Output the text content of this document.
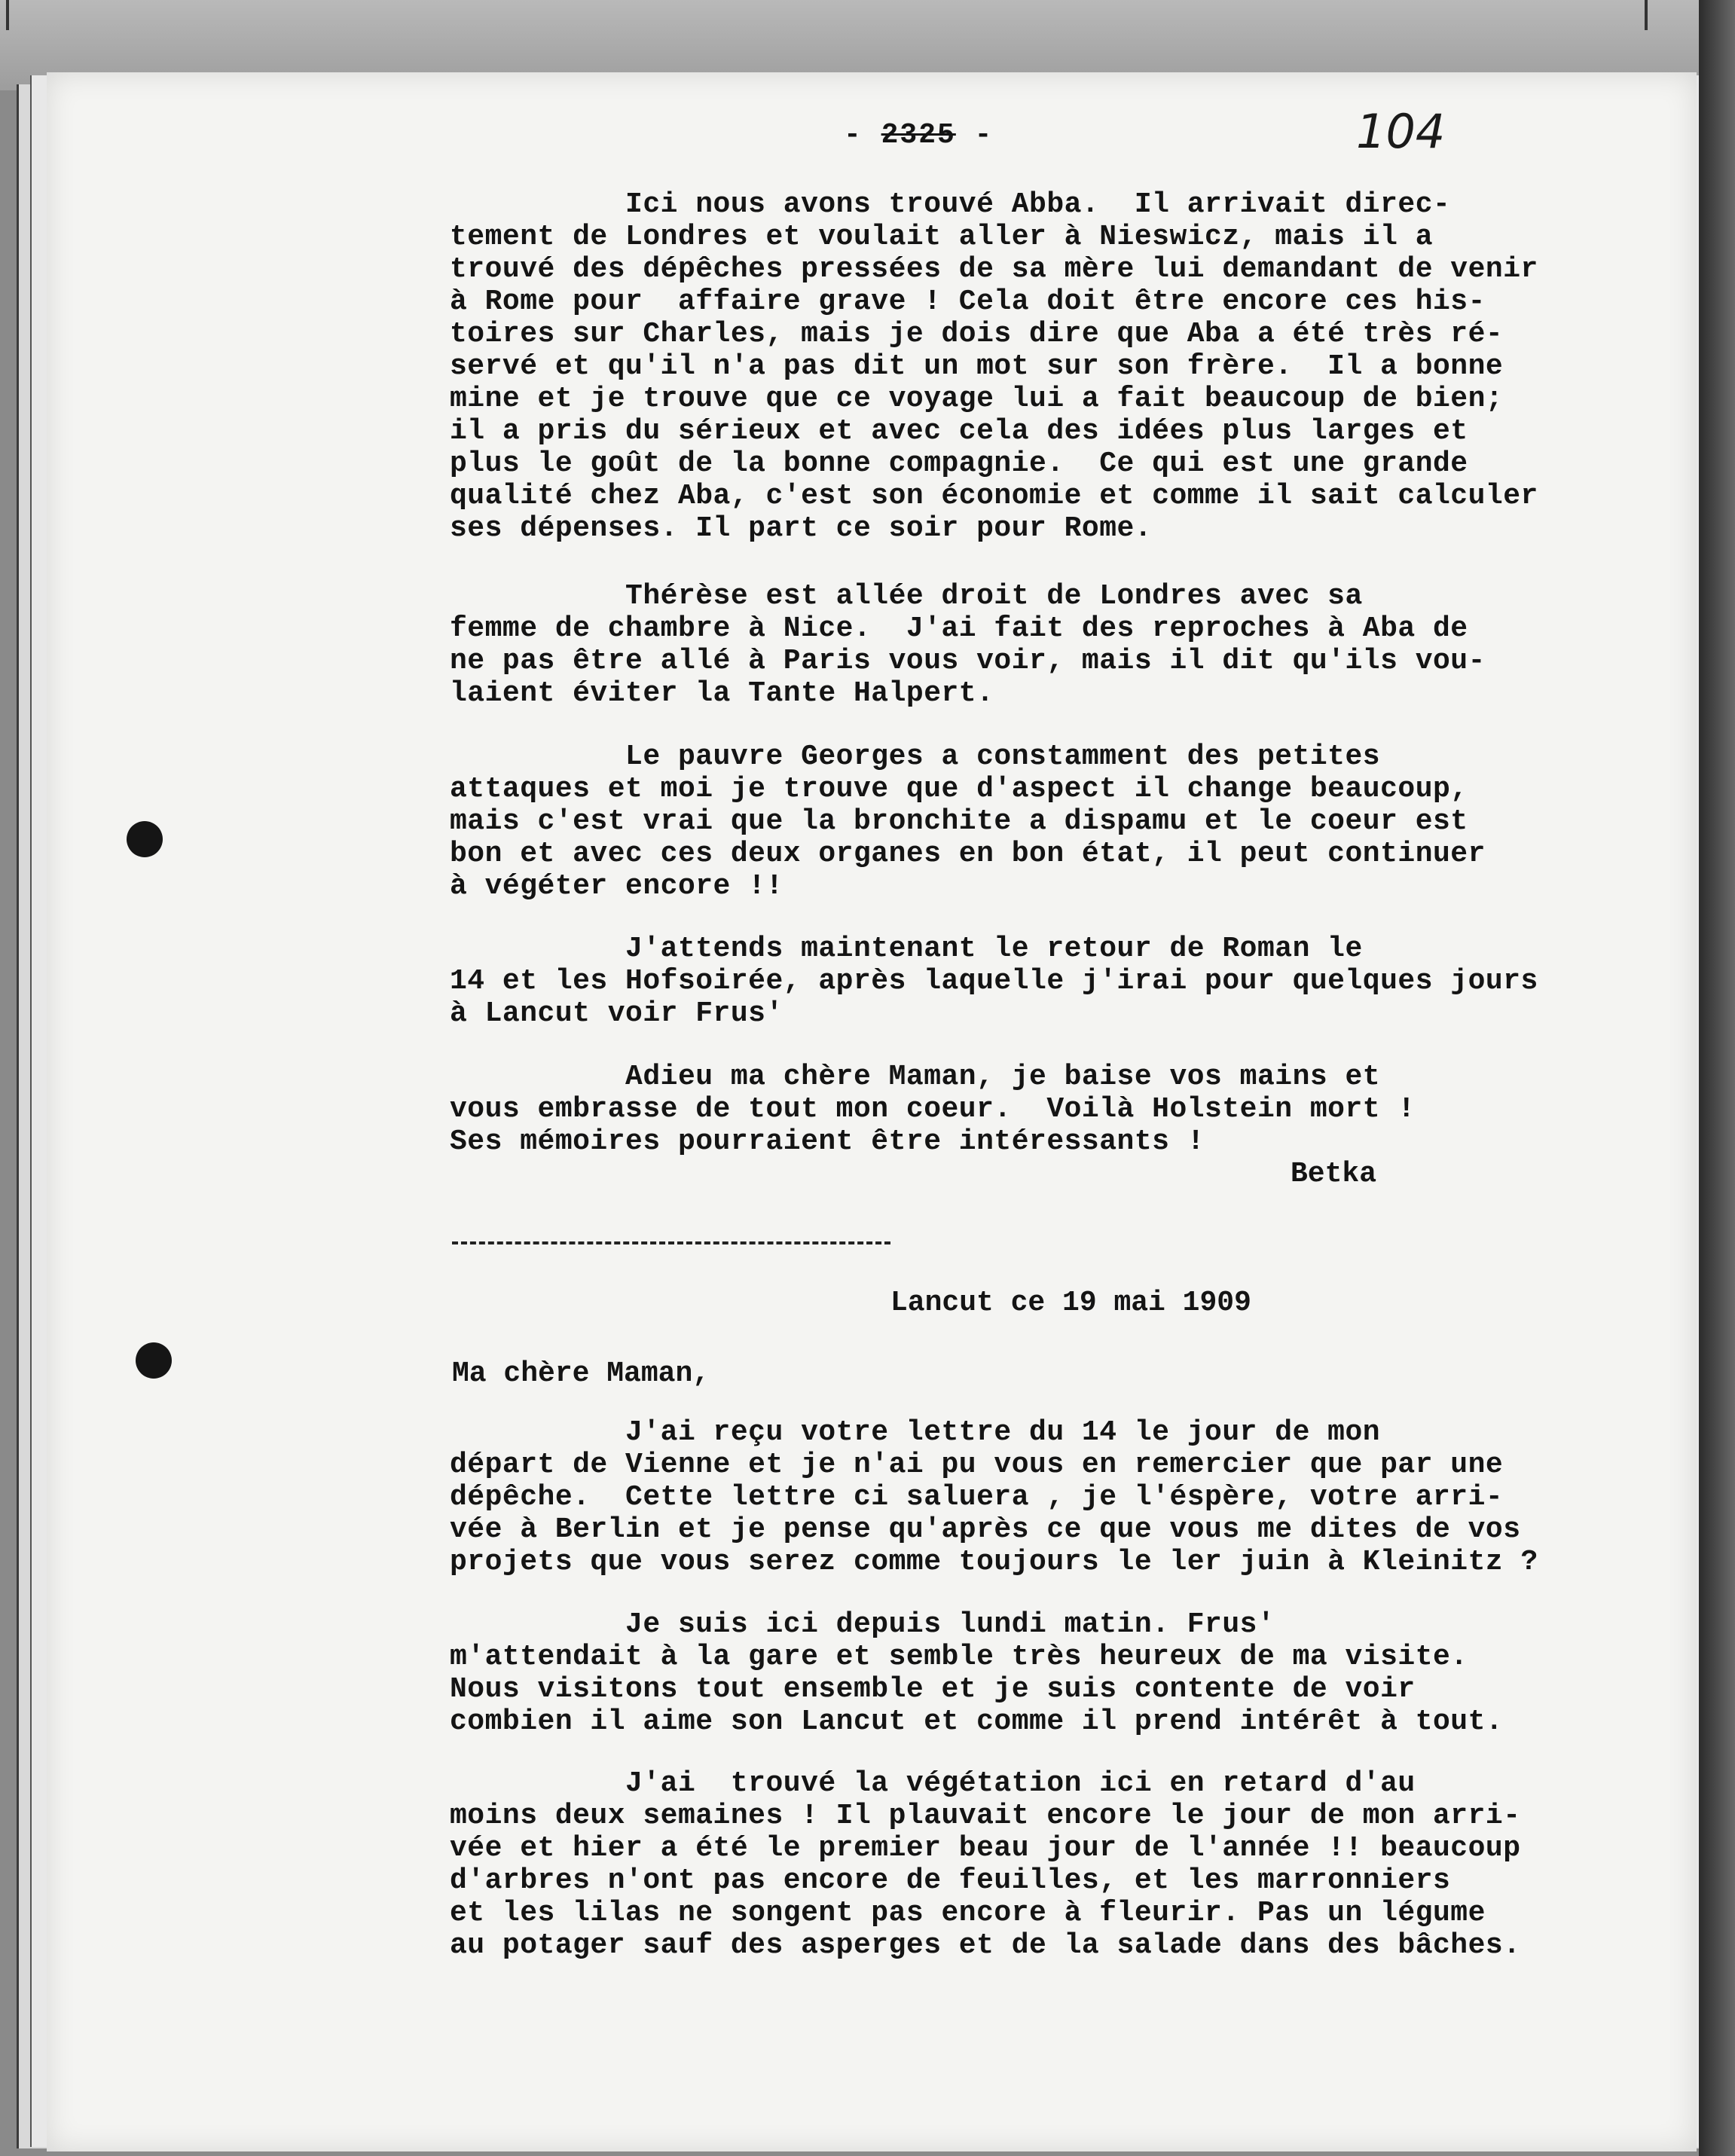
- 2325 -	104
Ici nous avons trouvé Abba.  Il arrivait direc-
tement de Londres et voulait aller à Nieswicz, mais il a
trouvé des dépêches pressées de sa mère lui demandant de venir
à Rome pour  affaire grave ! Cela doit être encore ces his-
toires sur Charles, mais je dois dire que Aba a été très ré-
servé et qu'il n'a pas dit un mot sur son frère.  Il a bonne
mine et je trouve que ce voyage lui a fait beaucoup de bien;
il a pris du sérieux et avec cela des idées plus larges et
plus le goût de la bonne compagnie.  Ce qui est une grande
qualité chez Aba, c'est son économie et comme il sait calculer
ses dépenses. Il part ce soir pour Rome.
Thérèse est allée droit de Londres avec sa
femme de chambre à Nice.  J'ai fait des reproches à Aba de
ne pas être allé à Paris vous voir, mais il dit qu'ils vou-
laient éviter la Tante Halpert.
Le pauvre Georges a constamment des petites
attaques et moi je trouve que d'aspect il change beaucoup,
mais c'est vrai que la bronchite a dispamu et le coeur est
bon et avec ces deux organes en bon état, il peut continuer
à végéter encore !!
J'attends maintenant le retour de Roman le
14 et les Hofsoirée, après laquelle j'irai pour quelques jours
à Lancut voir Frus'
Adieu ma chère Maman, je baise vos mains et
vous embrasse de tout mon coeur.  Voilà Holstein mort !
Ses mémoires pourraient être intéressants !
Betka
Lancut ce 19 mai 1909
Ma chère Maman,
J'ai reçu votre lettre du 14 le jour de mon
départ de Vienne et je n'ai pu vous en remercier que par une
dépêche.  Cette lettre ci saluera , je l'éspère, votre arri-
vée à Berlin et je pense qu'après ce que vous me dites de vos
projets que vous serez comme toujours le ler juin à Kleinitz ?
Je suis ici depuis lundi matin. Frus'
m'attendait à la gare et semble très heureux de ma visite.
Nous visitons tout ensemble et je suis contente de voir
combien il aime son Lancut et comme il prend intérêt à tout.
J'ai  trouvé la végétation ici en retard d'au
moins deux semaines ! Il plauvait encore le jour de mon arri-
vée et hier a été le premier beau jour de l'année !! beaucoup
d'arbres n'ont pas encore de feuilles, et les marronniers
et les lilas ne songent pas encore à fleurir. Pas un légume
au potager sauf des asperges et de la salade dans des bâches.
